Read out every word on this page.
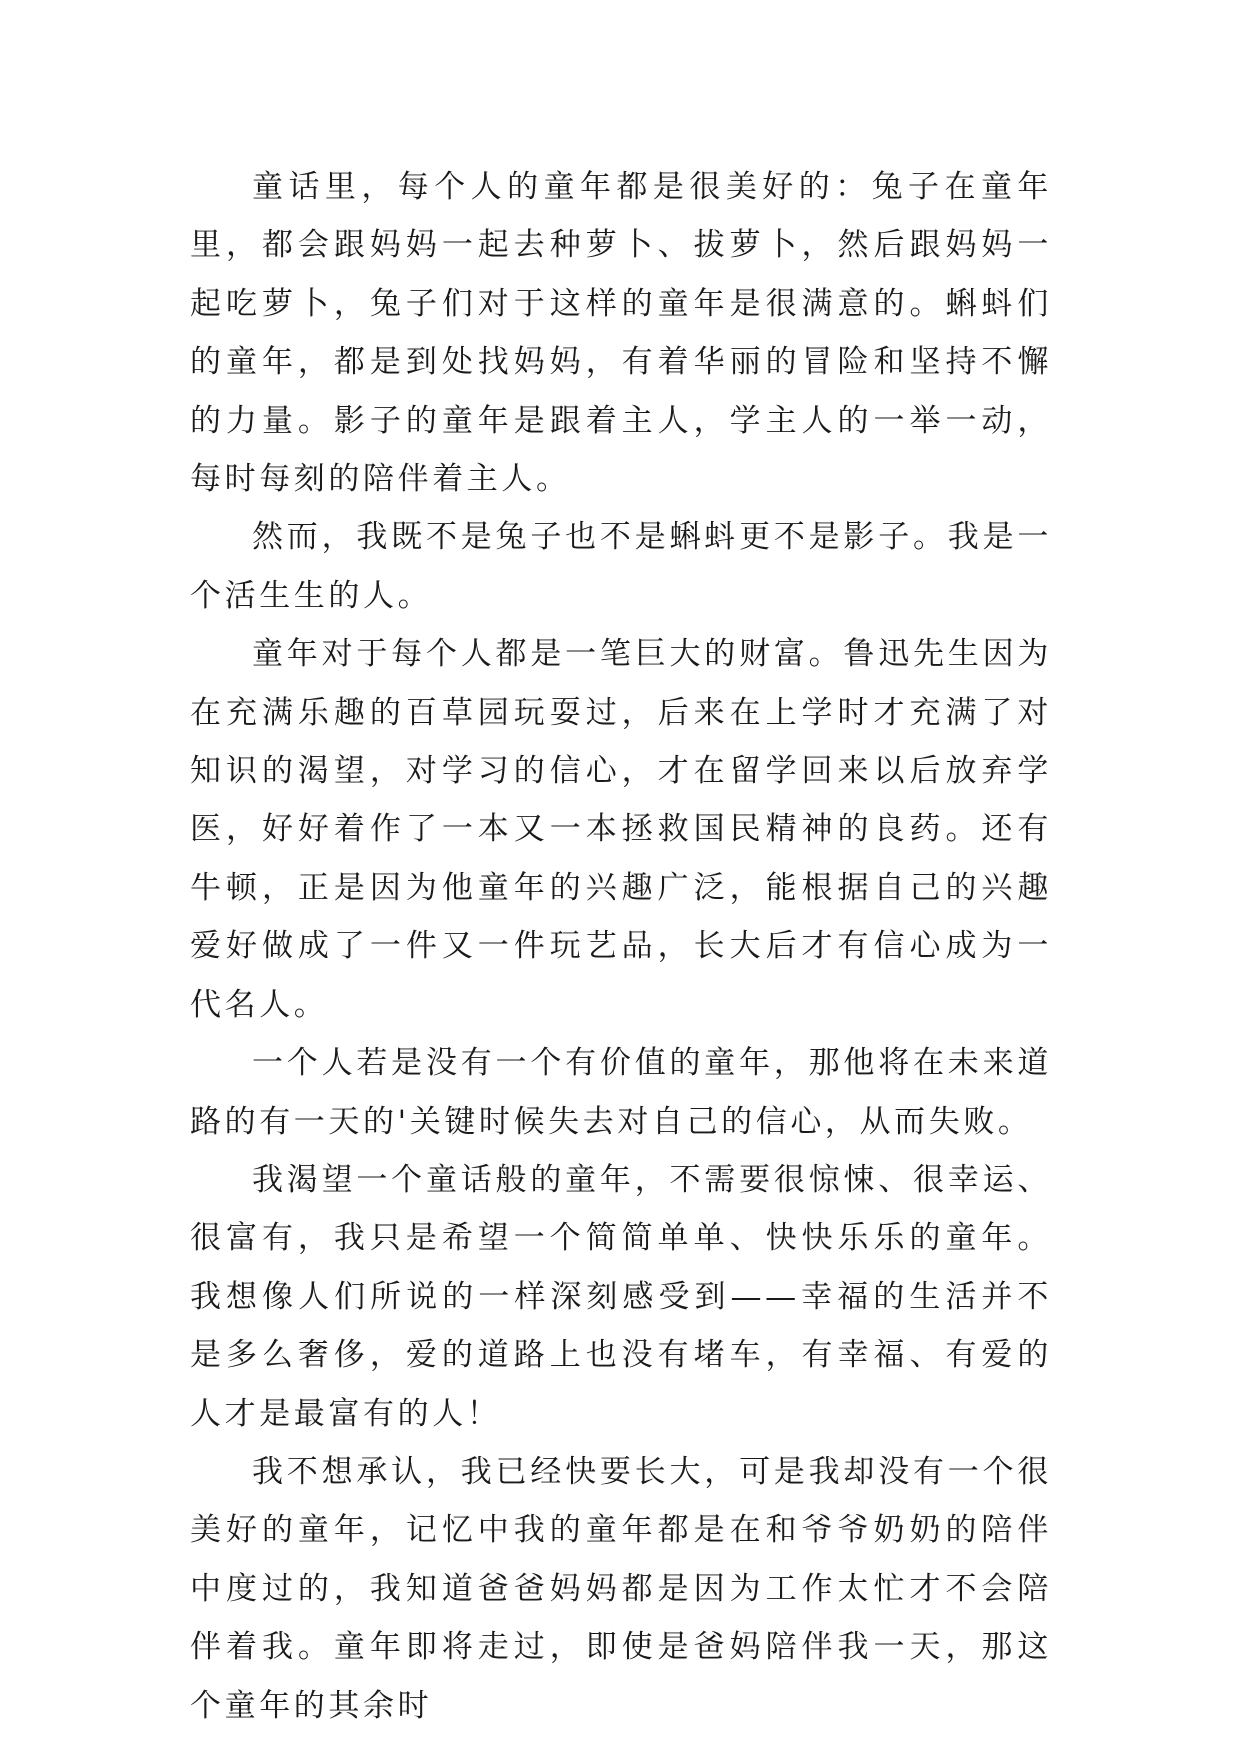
童话里，每个人的童年都是很美好的：兔子在童年里，都会跟妈妈一起去种萝卜、拔萝卜，然后跟妈妈一起吃萝卜，兔子们对于这样的童年是很满意的。蝌蚪们的童年，都是到处找妈妈，有着华丽的冒险和坚持不懈的力量。影子的童年是跟着主人，学主人的一举一动，每时每刻的陪伴着主人。

然而，我既不是兔子也不是蝌蚪更不是影子。我是一个活生生的人。

童年对于每个人都是一笔巨大的财富。鲁迅先生因为在充满乐趣的百草园玩耍过，后来在上学时才充满了对知识的渴望，对学习的信心，才在留学回来以后放弃学医，好好着作了一本又一本拯救国民精神的良药。还有牛顿，正是因为他童年的兴趣广泛，能根据自己的兴趣爱好做成了一件又一件玩艺品，长大后才有信心成为一代名人。

一个人若是没有一个有价值的童年，那他将在未来道路的有一天的'关键时候失去对自己的信心，从而失败。

我渴望一个童话般的童年，不需要很惊悚、很幸运、很富有，我只是希望一个简简单单、快快乐乐的童年。我想像人们所说的一样深刻感受到——幸福的生活并不是多么奢侈，爱的道路上也没有堵车，有幸福、有爱的人才是最富有的人！

我不想承认，我已经快要长大，可是我却没有一个很美好的童年，记忆中我的童年都是在和爷爷奶奶的陪伴中度过的，我知道爸爸妈妈都是因为工作太忙才不会陪伴着我。童年即将走过，即使是爸妈陪伴我一天，那这个童年的其余时
